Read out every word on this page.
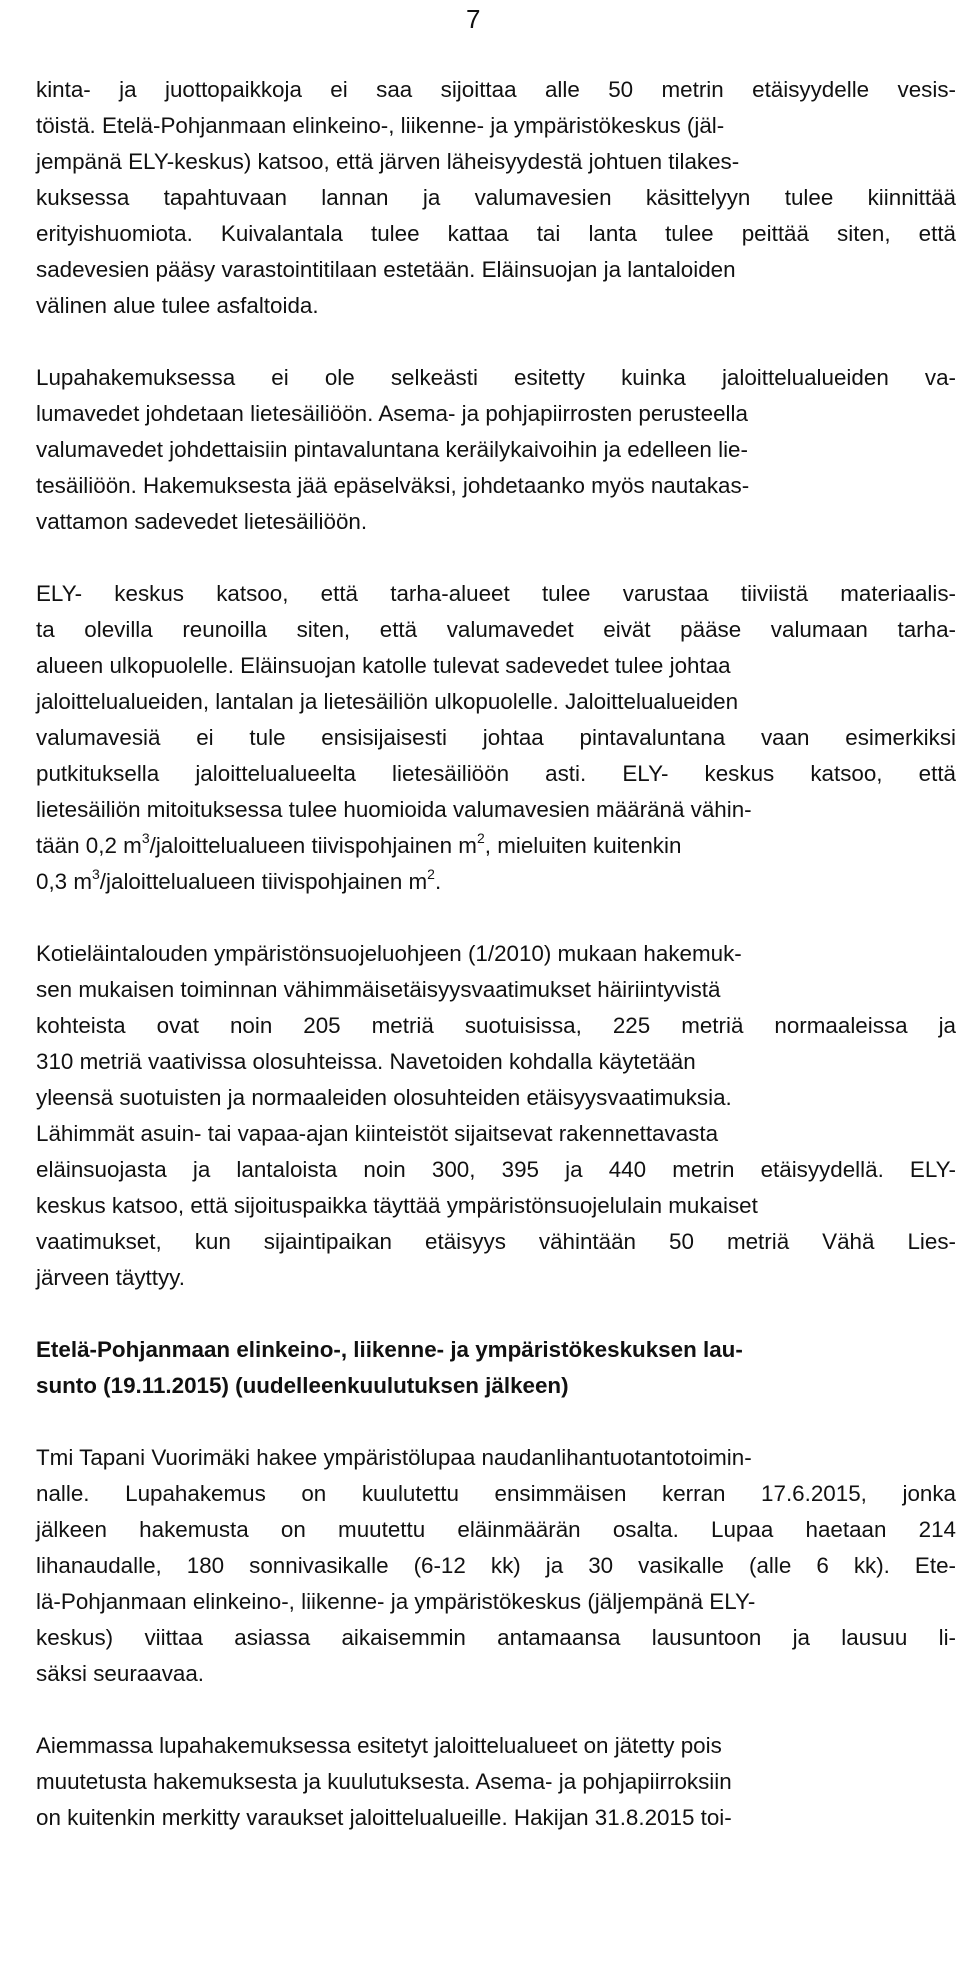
7
kinta- ja juottopaikkoja ei saa sijoittaa alle 50 metrin etäisyydelle vesis-
töistä. Etelä-Pohjanmaan elinkeino-, liikenne- ja ympäristökeskus (jäl-
jempänä ELY-keskus) katsoo, että järven läheisyydestä johtuen tilakes-
kuksessa tapahtuvaan lannan ja valumavesien käsittelyyn tulee kiinnittää
erityishuomiota. Kuivalantala tulee kattaa tai lanta tulee peittää siten, että
sadevesien pääsy varastointitilaan estetään. Eläinsuojan ja lantaloiden
välinen alue tulee asfaltoida.
Lupahakemuksessa ei ole selkeästi esitetty kuinka jaloittelualueiden va-
lumavedet johdetaan lietesäiliöön. Asema- ja pohjapiirrosten perusteella
valumavedet johdettaisiin pintavaluntana keräilykaivoihin ja edelleen lie-
tesäiliöön. Hakemuksesta jää epäselväksi, johdetaanko myös nautakas-
vattamon sadevedet lietesäiliöön.
ELY- keskus katsoo, että tarha-alueet tulee varustaa tiiviistä materiaalis-
ta olevilla reunoilla siten, että valumavedet eivät pääse valumaan tarha-
alueen ulkopuolelle. Eläinsuojan katolle tulevat sadevedet tulee johtaa
jaloittelualueiden, lantalan ja lietesäiliön ulkopuolelle. Jaloittelualueiden
valumavesiä ei tule ensisijaisesti johtaa pintavaluntana vaan esimerkiksi
putkituksella jaloittelualueelta lietesäiliöön asti. ELY- keskus katsoo, että
lietesäiliön mitoituksessa tulee huomioida valumavesien määränä vähin-
tään 0,2 $m^3$/jaloittelualueen tiivispohjainen $m^2$, mieluiten kuitenkin
0,3 $m^3$/jaloittelualueen tiivispohjainen $m^2$.
Kotieläintalouden ympäristönsuojeluohjeen (1/2010) mukaan hakemuk-
sen mukaisen toiminnan vähimmäisetäisyysvaatimukset häiriintyvistä
kohteista ovat noin 205 metriä suotuisissa, 225 metriä normaaleissa ja
310 metriä vaativissa olosuhteissa. Navetoiden kohdalla käytetään
yleensä suotuisten ja normaaleiden olosuhteiden etäisyysvaatimuksia.
Lähimmät asuin- tai vapaa-ajan kiinteistöt sijaitsevat rakennettavasta
eläinsuojasta ja lantaloista noin 300, 395 ja 440 metrin etäisyydellä. ELY-
keskus katsoo, että sijoituspaikka täyttää ympäristönsuojelulain mukaiset
vaatimukset, kun sijaintipaikan etäisyys vähintään 50 metriä Vähä Lies-
järveen täyttyy.
Etelä-Pohjanmaan elinkeino-, liikenne- ja ympäristökeskuksen lau-
sunto (19.11.2015) (uudelleenkuulutuksen jälkeen)
Tmi Tapani Vuorimäki hakee ympäristölupaa naudanlihantuotantotoimin-
nalle. Lupahakemus on kuulutettu ensimmäisen kerran 17.6.2015, jonka
jälkeen hakemusta on muutettu eläinmäärän osalta. Lupaa haetaan 214
lihanaudalle, 180 sonnivasikalle (6-12 kk) ja 30 vasikalle (alle 6 kk). Ete-
lä-Pohjanmaan elinkeino-, liikenne- ja ympäristökeskus (jäljempänä ELY-
keskus) viittaa asiassa aikaisemmin antamaansa lausuntoon ja lausuu li-
säksi seuraavaa.
Aiemmassa lupahakemuksessa esitetyt jaloittelualueet on jätetty pois
muutetusta hakemuksesta ja kuulutuksesta. Asema- ja pohjapiirroksiin
on kuitenkin merkitty varaukset jaloittelualueille. Hakijan 31.8.2015 toi-
